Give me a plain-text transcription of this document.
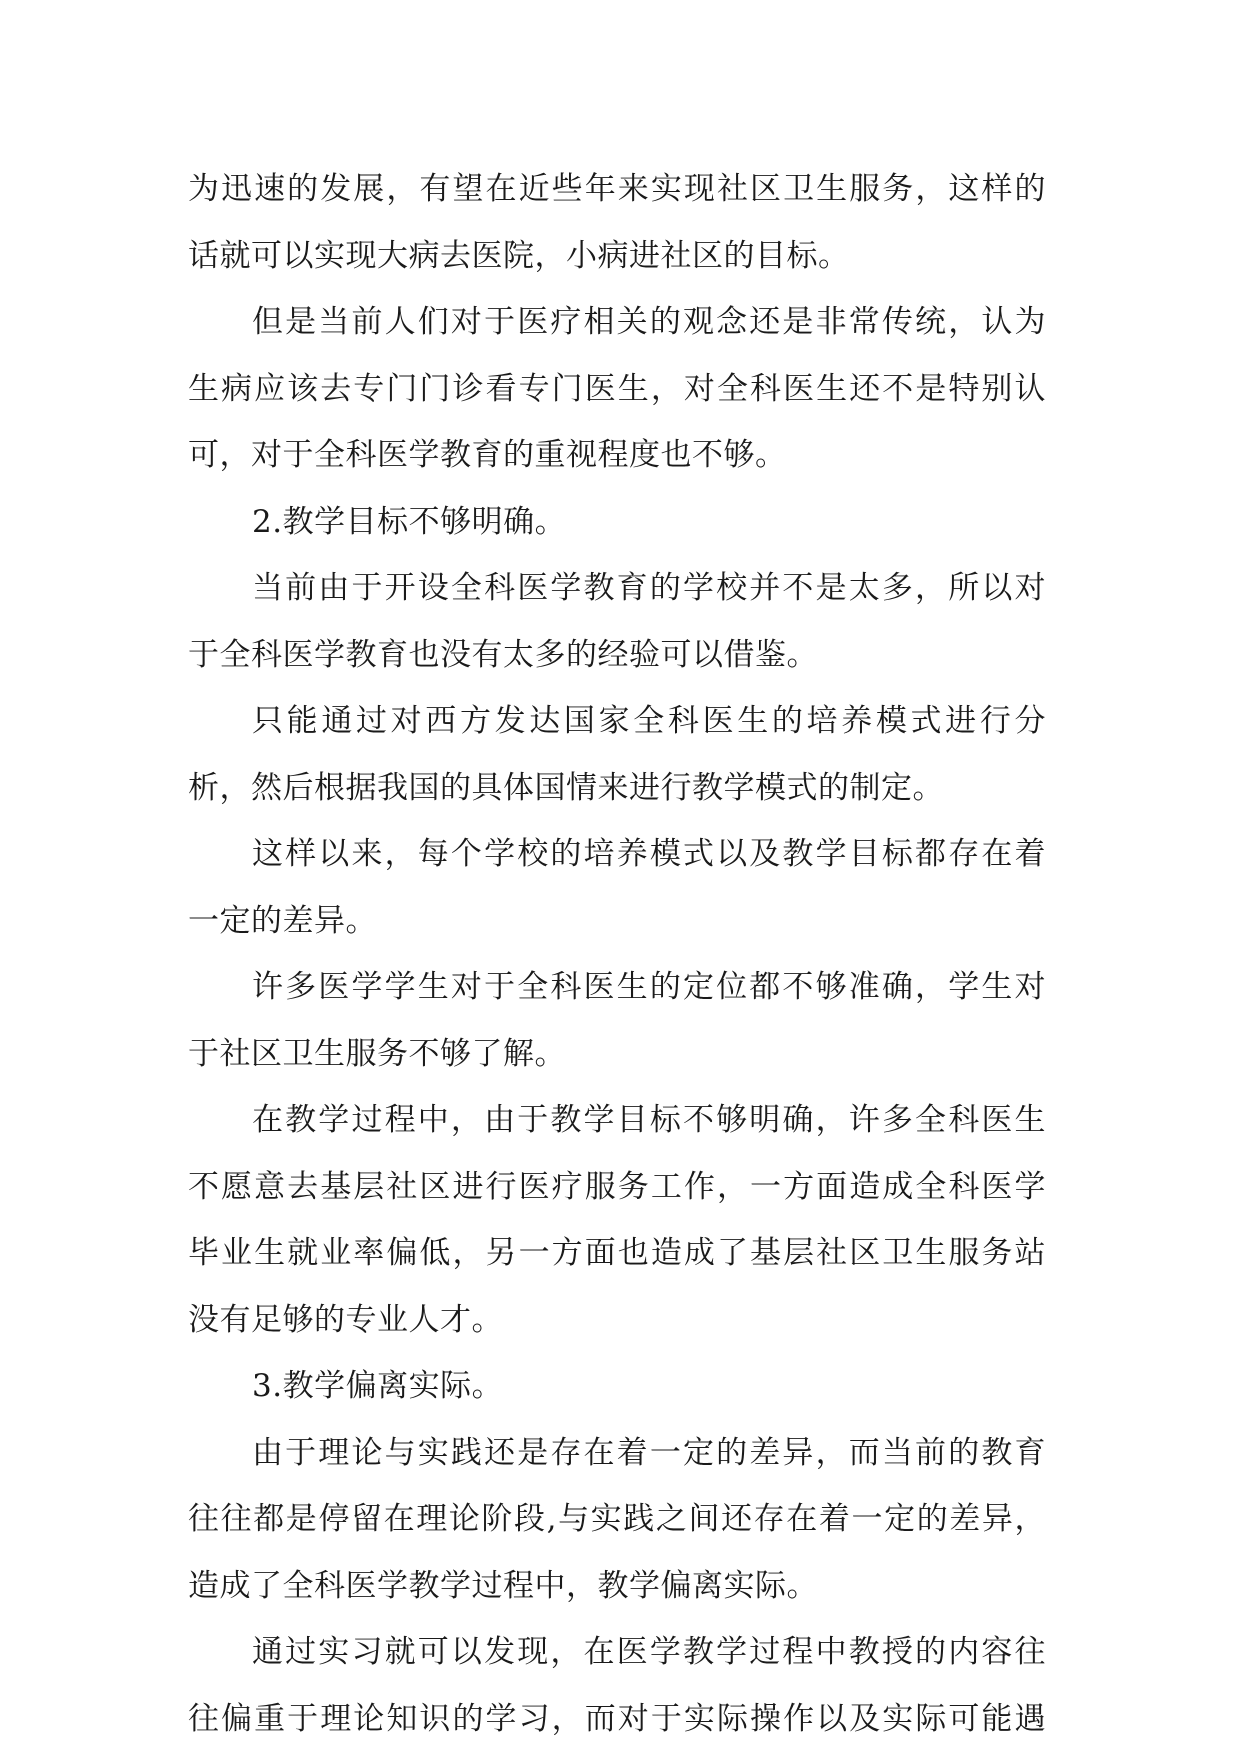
为迅速的发展，有望在近些年来实现社区卫生服务，这样的
话就可以实现大病去医院，小病进社区的目标。
但是当前人们对于医疗相关的观念还是非常传统，认为
生病应该去专门门诊看专门医生，对全科医生还不是特别认
可，对于全科医学教育的重视程度也不够。
2.教学目标不够明确。
当前由于开设全科医学教育的学校并不是太多，所以对
于全科医学教育也没有太多的经验可以借鉴。
只能通过对西方发达国家全科医生的培养模式进行分
析，然后根据我国的具体国情来进行教学模式的制定。
这样以来，每个学校的培养模式以及教学目标都存在着
一定的差异。
许多医学学生对于全科医生的定位都不够准确，学生对
于社区卫生服务不够了解。
在教学过程中，由于教学目标不够明确，许多全科医生
不愿意去基层社区进行医疗服务工作，一方面造成全科医学
毕业生就业率偏低，另一方面也造成了基层社区卫生服务站
没有足够的专业人才。
3.教学偏离实际。
由于理论与实践还是存在着一定的差异，而当前的教育
往往都是停留在理论阶段,与实践之间还存在着一定的差异，
造成了全科医学教学过程中，教学偏离实际。
通过实习就可以发现，在医学教学过程中教授的内容往
往偏重于理论知识的学习，而对于实际操作以及实际可能遇
